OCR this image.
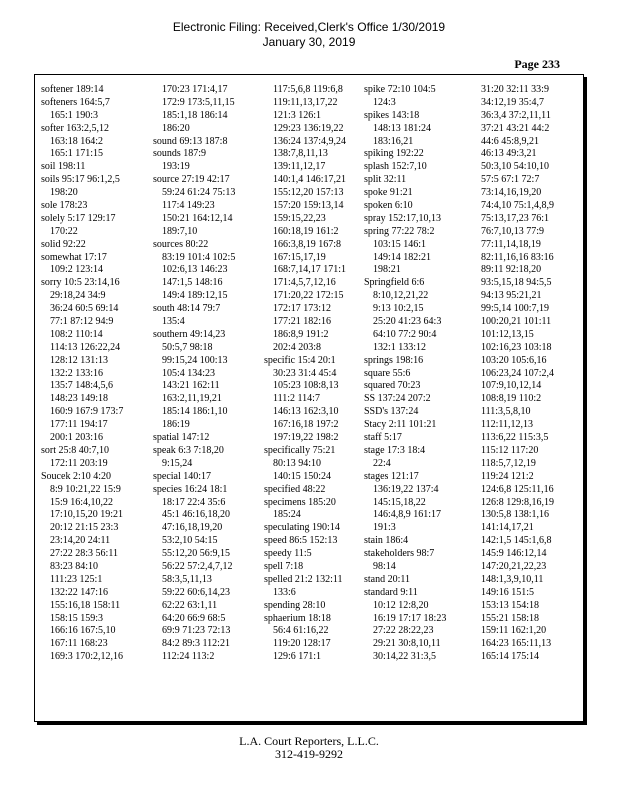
Electronic Filing: Received,Clerk's Office 1/30/2019
January 30, 2019
Page 233
softener 189:14
softeners 164:5,7
165:1 190:3
softer 163:2,5,12
163:18 164:2
165:1 171:15
soil 198:11
soils 95:17 96:1,2,5
198:20
sole 178:23
solely 5:17 129:17
170:22
solid 92:22
somewhat 17:17
109:2 123:14
sorry 10:5 23:14,16
29:18,24 34:9
36:24 60:5 69:14
77:1 87:12 94:9
108:2 110:14
114:13 126:22,24
128:12 131:13
132:2 133:16
135:7 148:4,5,6
148:23 149:18
160:9 167:9 173:7
177:11 194:17
200:1 203:16
sort 25:8 40:7,10
172:11 203:19
Soucek 2:10 4:20
8:9 10:21,22 15:9
15:9 16:4,10,22
17:10,15,20 19:21
20:12 21:15 23:3
23:14,20 24:11
27:22 28:3 56:11
83:23 84:10
111:23 125:1
132:22 147:16
155:16,18 158:11
158:15 159:3
166:16 167:5,10
167:11 168:23
169:3 170:2,12,16
170:23 171:4,17
172:9 173:5,11,15
185:1,18 186:14
186:20
sound 69:13 187:8
sounds 187:9
193:19
source 27:19 42:17
59:24 61:24 75:13
117:4 149:23
150:21 164:12,14
189:7,10
sources 80:22
83:19 101:4 102:5
102:6,13 146:23
147:1,5 148:16
149:4 189:12,15
south 48:14 79:7
135:4
southern 49:14,23
50:5,7 98:18
99:15,24 100:13
105:4 134:23
143:21 162:11
163:2,11,19,21
185:14 186:1,10
186:19
spatial 147:12
speak 6:3 7:18,20
9:15,24
special 140:17
species 16:24 18:1
18:17 22:4 35:6
45:1 46:16,18,20
47:16,18,19,20
53:2,10 54:15
55:12,20 56:9,15
56:22 57:2,4,7,12
58:3,5,11,13
59:22 60:6,14,23
62:22 63:1,11
64:20 66:9 68:5
69:9 71:23 72:13
84:2 89:3 112:21
112:24 113:2
117:5,6,8 119:6,8
119:11,13,17,22
121:3 126:1
129:23 136:19,22
136:24 137:4,9,24
138:7,8,11,13
139:11,12,17
140:1,4 146:17,21
155:12,20 157:13
157:20 159:13,14
159:15,22,23
160:18,19 161:2
166:3,8,19 167:8
167:15,17,19
168:7,14,17 171:1
171:4,5,7,12,16
171:20,22 172:15
172:17 173:12
177:21 182:16
186:8,9 191:2
202:4 203:8
specific 15:4 20:1
30:23 31:4 45:4
105:23 108:8,13
111:2 114:7
146:13 162:3,10
167:16,18 197:2
197:19,22 198:2
specifically 75:21
80:13 94:10
140:15 150:24
specified 48:22
specimens 185:20
185:24
speculating 190:14
speed 86:5 152:13
speedy 11:5
spell 7:18
spelled 21:2 132:11
133:6
spending 28:10
sphaerium 18:18
56:4 61:16,22
119:20 128:17
129:6 171:1
spike 72:10 104:5
124:3
spikes 143:18
148:13 181:24
183:16,21
spiking 192:22
splash 152:7,10
split 32:11
spoke 91:21
spoken 6:10
spray 152:17,10,13
spring 77:22 78:2
103:15 146:1
149:14 182:21
198:21
Springfield 6:6
8:10,12,21,22
9:13 10:2,15
25:20 41:23 64:3
64:10 77:2 90:4
132:1 133:12
springs 198:16
square 55:6
squared 70:23
SS 137:24 207:2
SSD's 137:24
Stacy 2:11 101:21
staff 5:17
stage 17:3 18:4
22:4
stages 121:17
136:19,22 137:4
145:15,18,22
146:4,8,9 161:17
191:3
stain 186:4
stakeholders 98:7
98:14
stand 20:11
standard 9:11
10:12 12:8,20
16:19 17:17 18:23
27:22 28:22,23
29:21 30:8,10,11
30:14,22 31:3,5
31:20 32:11 33:9
34:12,19 35:4,7
36:3,4 37:2,11,11
37:21 43:21 44:2
44:6 45:8,9,21
46:13 49:3,21
50:3,10 54:10,10
57:5 67:1 72:7
73:14,16,19,20
74:4,10 75:1,4,8,9
75:13,17,23 76:1
76:7,10,13 77:9
77:11,14,18,19
82:11,16,16 83:16
89:11 92:18,20
93:5,15,18 94:5,5
94:13 95:21,21
99:5,14 100:7,19
100:20,21 101:11
101:12,13,15
102:16,23 103:18
103:20 105:6,16
106:23,24 107:2,4
107:9,10,12,14
108:8,19 110:2
111:3,5,8,10
112:11,12,13
113:6,22 115:3,5
115:12 117:20
118:5,7,12,19
119:24 121:2
124:6,8 125:11,16
126:8 129:8,16,19
130:5,8 138:1,16
141:14,17,21
142:1,5 145:1,6,8
145:9 146:12,14
147:20,21,22,23
148:1,3,9,10,11
149:16 151:5
153:13 154:18
155:21 158:18
159:11 162:1,20
164:23 165:11,13
165:14 175:14
L.A. Court Reporters, L.L.C.
312-419-9292
